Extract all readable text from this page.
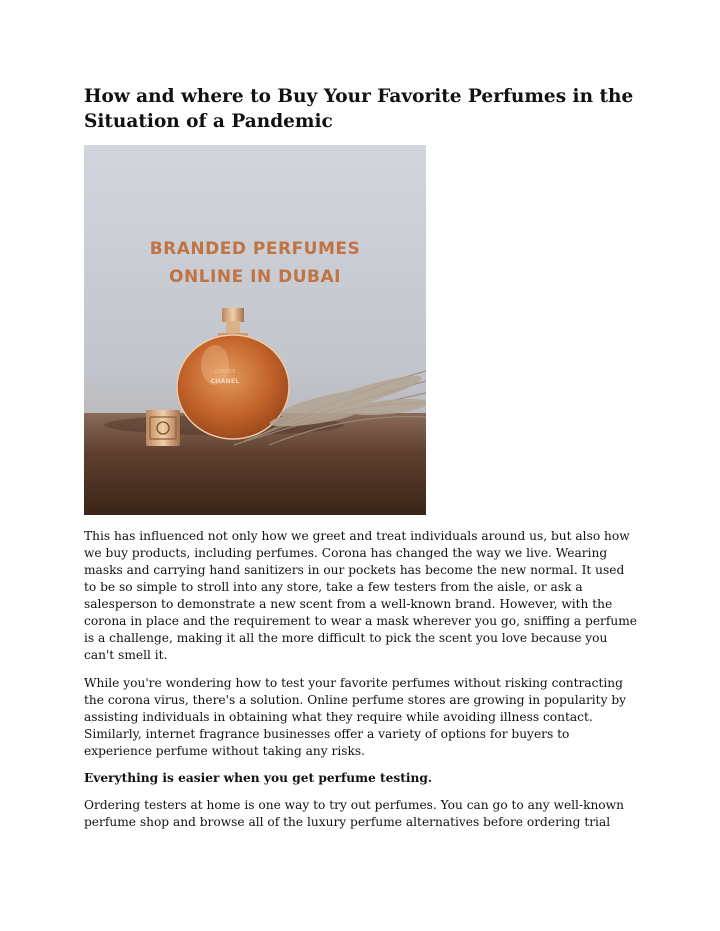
How and where to Buy Your Favorite Perfumes in the Situation of a Pandemic
BRANDED PERFUMES
ONLINE IN DUBAI
CHANCE
CHANEL

This has influenced not only how we greet and treat individuals around us, but also how we buy products, including perfumes. Corona has changed the way we live. Wearing masks and carrying hand sanitizers in our pockets has become the new normal. It used to be so simple to stroll into any store, take a few testers from the aisle, or ask a salesperson to demonstrate a new scent from a well-known brand. However, with the corona in place and the requirement to wear a mask wherever you go, sniffing a perfume is a challenge, making it all the more difficult to pick the scent you love because you can't smell it.

While you're wondering how to test your favorite perfumes without risking contracting the corona virus, there's a solution. Online perfume stores are growing in popularity by assisting individuals in obtaining what they require while avoiding illness contact. Similarly, internet fragrance businesses offer a variety of options for buyers to experience perfume without taking any risks.

Everything is easier when you get perfume testing.

Ordering testers at home is one way to try out perfumes. You can go to any well-known perfume shop and browse all of the luxury perfume alternatives before ordering trial
